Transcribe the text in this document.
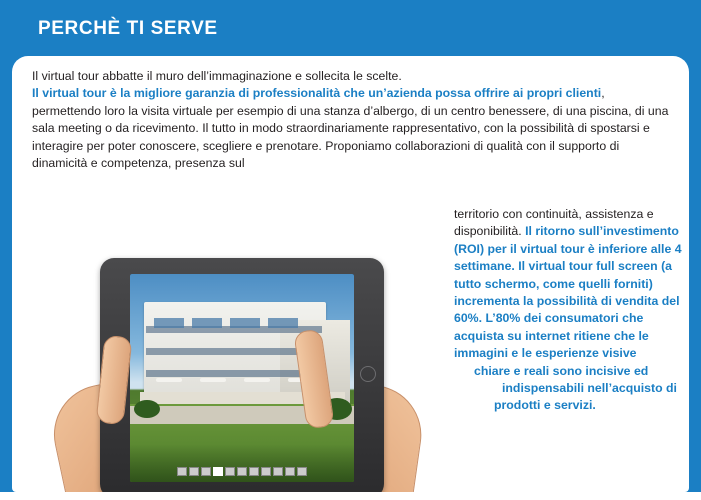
PERCHÈ TI SERVE

Il virtual tour abbatte il muro dell’immaginazione e sollecita le scelte.

Il virtual tour è la migliore garanzia di professionalità che un’azienda possa offrire ai propri clienti, permettendo loro la visita virtuale per esempio di una stanza d’albergo, di un centro benessere, di una piscina, di una sala meeting o da ricevimento. Il tutto in modo straordinariamente rappresentativo, con la possibilità di spostarsi e interagire per poter conoscere, scegliere e prenotare. Proponiamo collaborazioni di qualità con il supporto di dinamicità e competenza, presenza sul

territorio con continuità, assistenza e disponibilità. Il ritorno sull’investimento (ROI) per il virtual tour è inferiore alle 4 settimane. Il virtual tour full screen (a tutto schermo, come quelli forniti) incrementa la possibilità di vendita del 60%. L’80% dei consumatori che acquista su internet ritiene che le immagini e le esperienze visive
chiare e reali sono incisive ed
indispensabili nell’acquisto di
prodotti e servizi.
